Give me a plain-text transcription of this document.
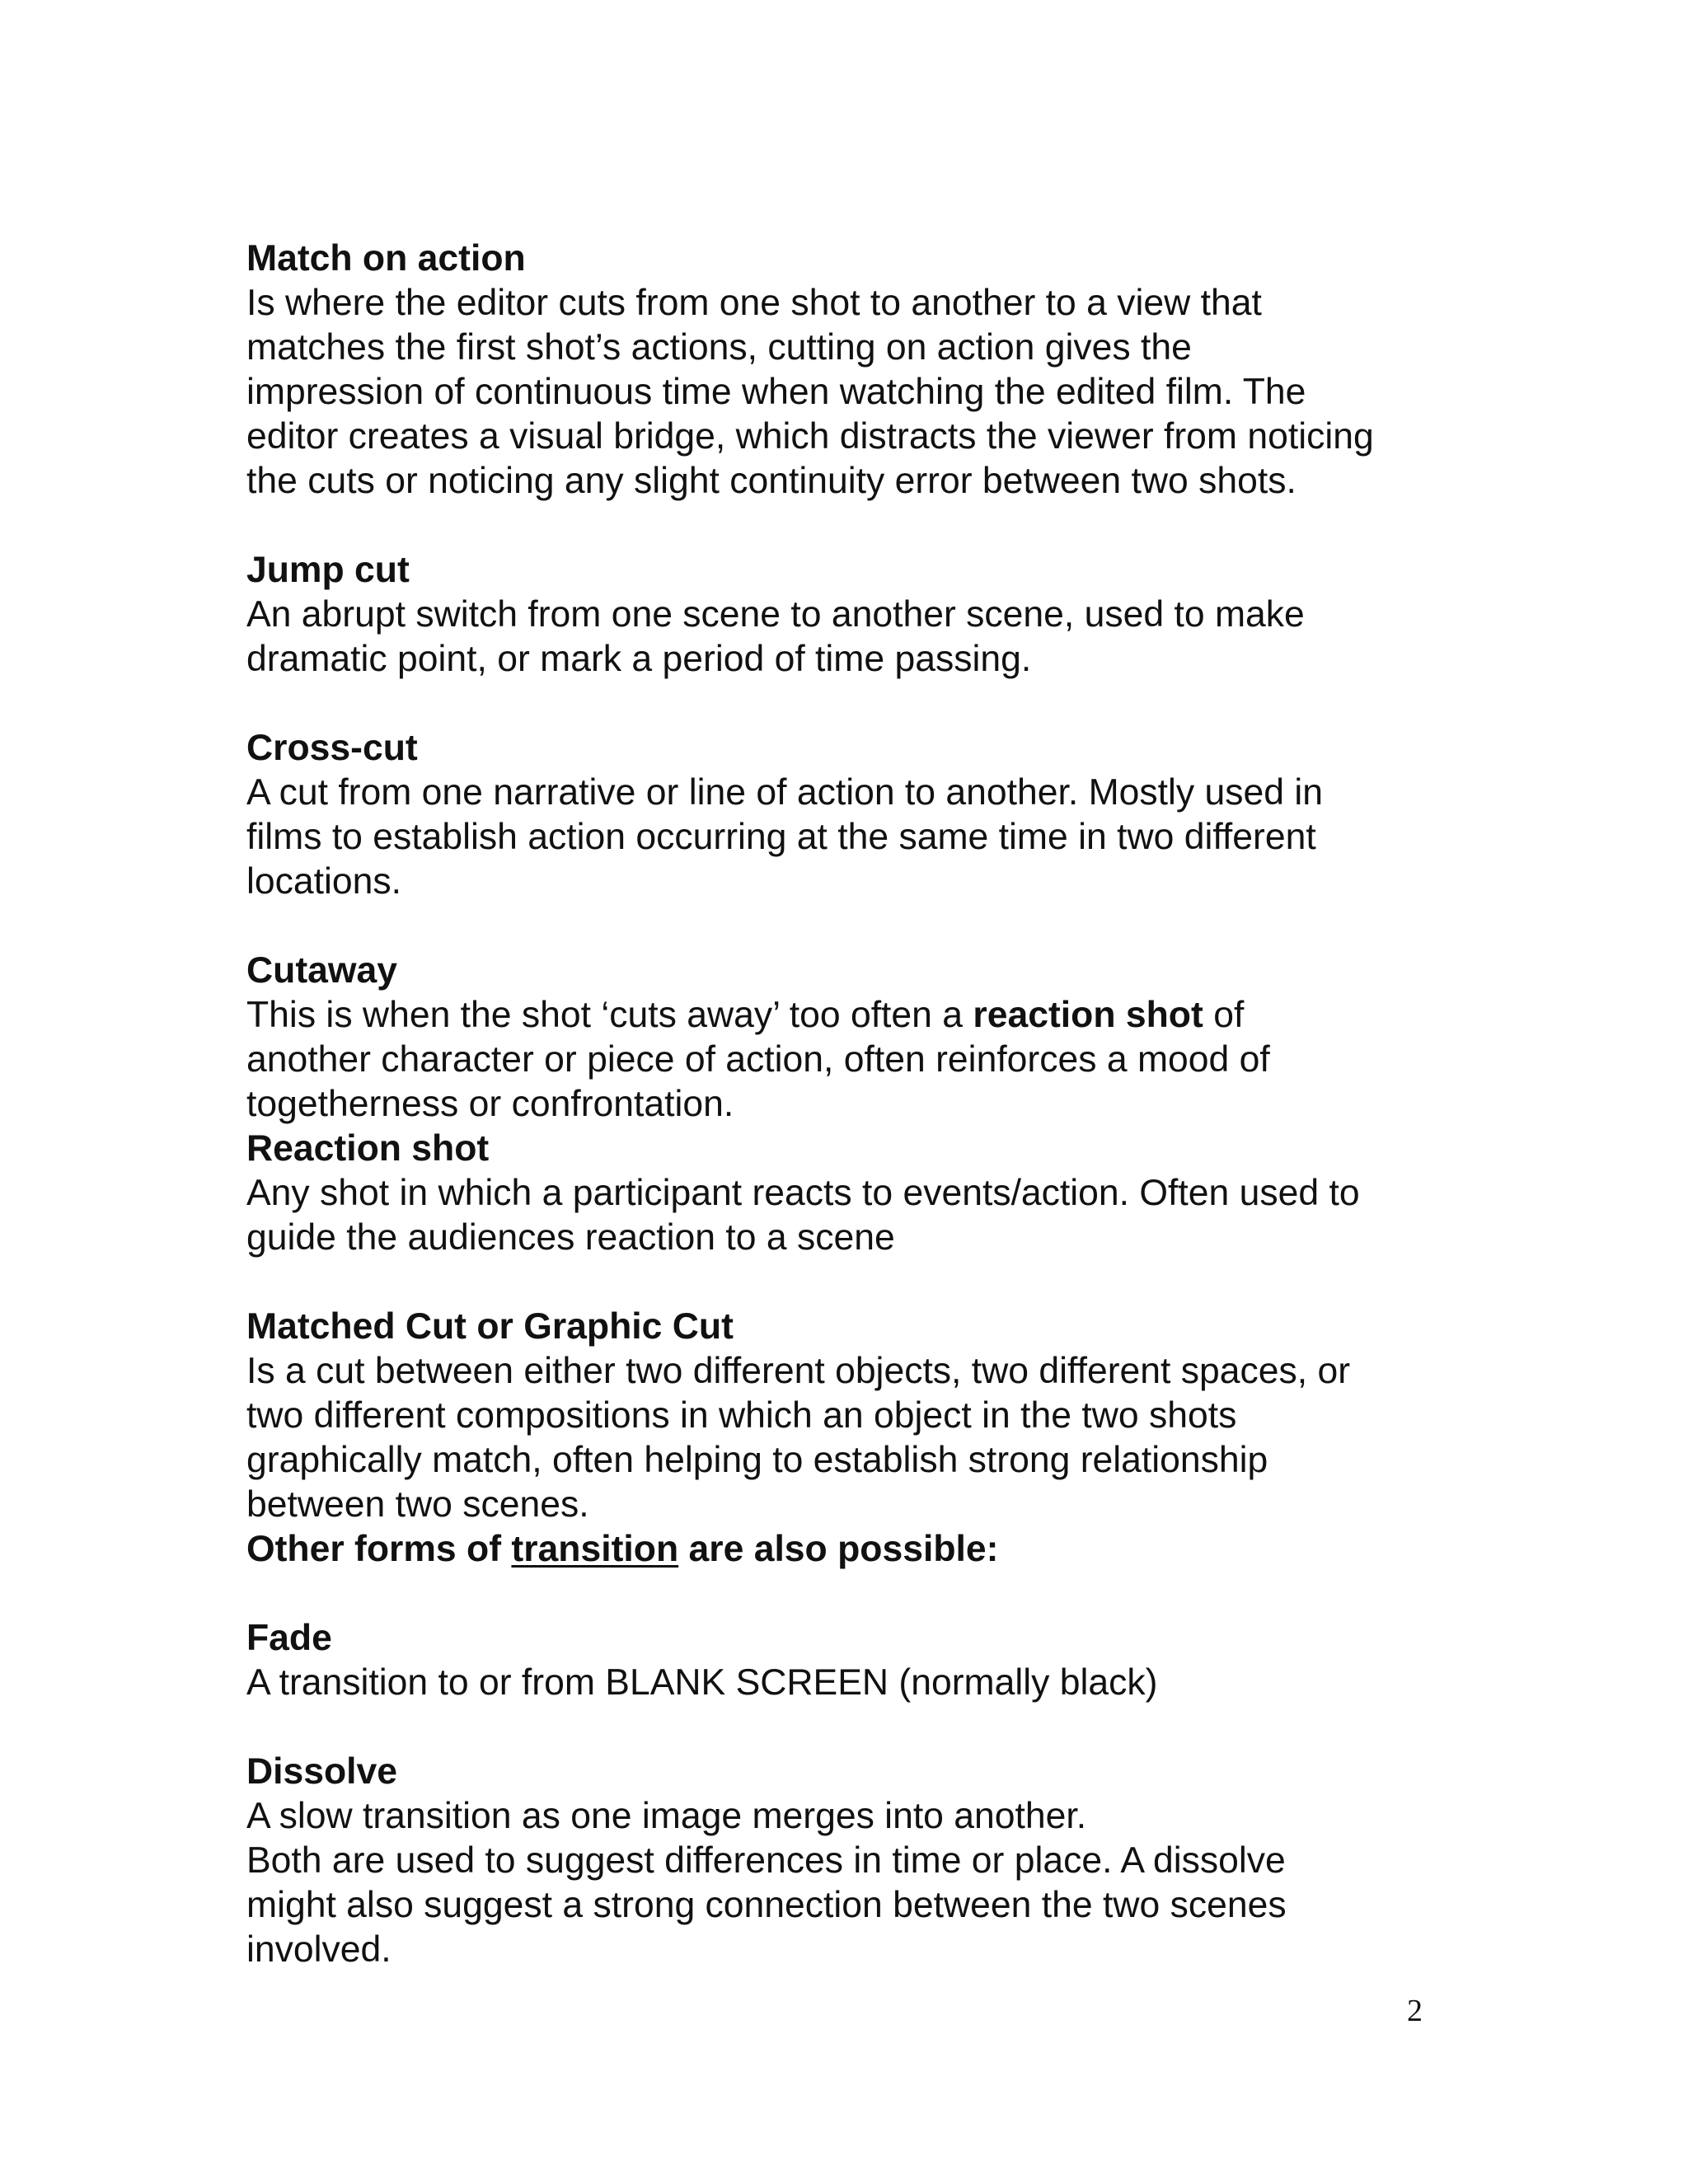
Match on action

Is where the editor cuts from one shot to another to a view that
matches the first shot’s actions, cutting on action gives the
impression of continuous time when watching the edited film. The
editor creates a visual bridge, which distracts the viewer from noticing
the cuts or noticing any slight continuity error between two shots.

Jump cut

An abrupt switch from one scene to another scene, used to make
dramatic point, or mark a period of time passing.

Cross-cut

A cut from one narrative or line of action to another. Mostly used in
films to establish action occurring at the same time in two different
locations.

Cutaway

This is when the shot ‘cuts away’ too often a reaction shot of
another character or piece of action, often reinforces a mood of
togetherness or confrontation.

Reaction shot

Any shot in which a participant reacts to events/action. Often used to
guide the audiences reaction to a scene

Matched Cut or Graphic Cut

Is a cut between either two different objects, two different spaces, or
two different compositions in which an object in the two shots
graphically match, often helping to establish strong relationship
between two scenes.

Other forms of transition are also possible:

Fade

A transition to or from BLANK SCREEN (normally black)

Dissolve

A slow transition as one image merges into another.
Both are used to suggest differences in time or place. A dissolve
might also suggest a strong connection between the two scenes
involved.

2
